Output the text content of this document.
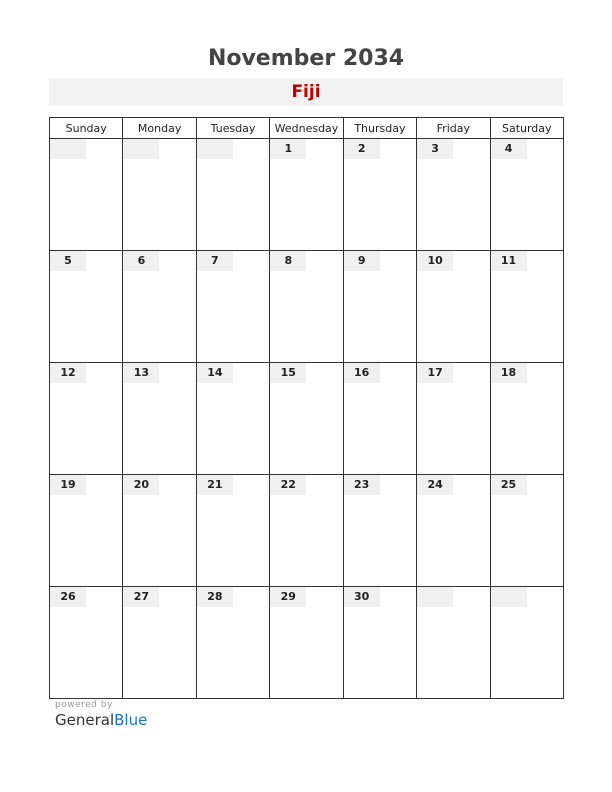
November 2034
Fiji
Sunday	Monday	Tuesday	Wednesday	Thursday	Friday	Saturday

			1	2	3	4

5	6	7	8	9	10	11

12	13	14	15	16	17	18

19	20	21	22	23	24	25

26	27	28	29	30		

powered by
GeneralBlue
